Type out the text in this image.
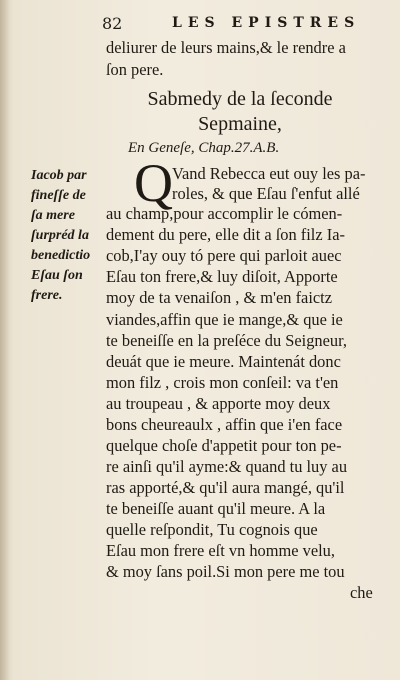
82	LES EPISTRES
deliurer de leurs mains,& le rendre a
ſon pere.
Sabmedy de la ſeconde
Sepmaine,
En Geneſe, Chap.27.A.B.
Q Vand Rebecca eut ouy les pa-
roles, & que Eſau ſ'enfut allé
au champ,pour accomplir le cómen-
dement du pere, elle dit a ſon filz Ia-
cob,I'ay ouy tó pere qui parloit auec
Eſau ton frere,& luy diſoit, Apporte
moy de ta venaiſon , & m'en faictz
viandes,affin que ie mange,& que ie
te beneiſſe en la preſéce du Seigneur,
deuát que ie meure. Maintenát donc
mon filz , crois mon conſeil: va t'en
au troupeau , & apporte moy deux
bons cheureaulx , affin que i'en face
quelque choſe d'appetit pour ton pe-
re ainſi qu'il ayme:& quand tu luy au
ras apporté,& qu'il aura mangé, qu'il
te beneiſſe auant qu'il meure. A la
quelle reſpondit, Tu cognois que
Eſau mon frere eſt vn homme velu,
& moy ſans poil.Si mon pere me tou
che
Iacob par
fineſſe de
ſa mere
ſurpréd la
benedictio
Eſau ſon
frere.
